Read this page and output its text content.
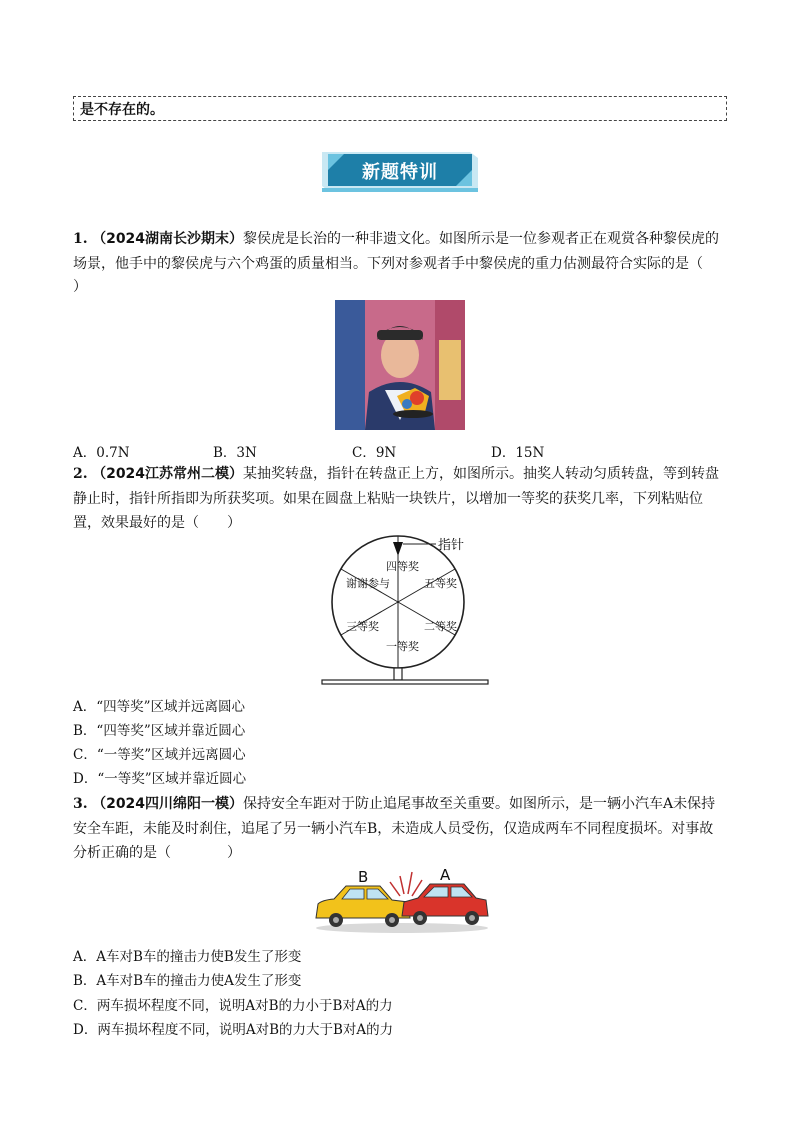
是不存在的。
新题特训
1. （2024湖南长沙期末）黎侯虎是长治的一种非遗文化。如图所示是一位参观者正在观赏各种黎侯虎的
场景，他手中的黎侯虎与六个鸡蛋的质量相当。下列对参观者手中黎侯虎的重力估测最符合实际的是（
）
A．0.7N	B．3N	C．9N	D．15N
2. （2024江苏常州二模）某抽奖转盘，指针在转盘正上方，如图所示。抽奖人转动匀质转盘，等到转盘
静止时，指针所指即为所获奖项。如果在圆盘上粘贴一块铁片，以增加一等奖的获奖几率，下列粘贴位
置，效果最好的是（　　）
指针
四等奖
五等奖
二等奖
一等奖
三等奖
谢谢参与
A．“四等奖”区域并远离圆心
B．“四等奖”区域并靠近圆心
C．“一等奖”区域并远离圆心
D．“一等奖”区域并靠近圆心
3. （2024四川绵阳一模）保持安全车距对于防止追尾事故至关重要。如图所示，是一辆小汽车A未保持
安全车距，未能及时刹住，追尾了另一辆小汽车B，未造成人员受伤，仅造成两车不同程度损坏。对事故
分析正确的是（　　　　）
B	A
A．A车对B车的撞击力使B发生了形变
B．A车对B车的撞击力使A发生了形变
C．两车损坏程度不同，说明A对B的力小于B对A的力
D．两车损坏程度不同，说明A对B的力大于B对A的力
